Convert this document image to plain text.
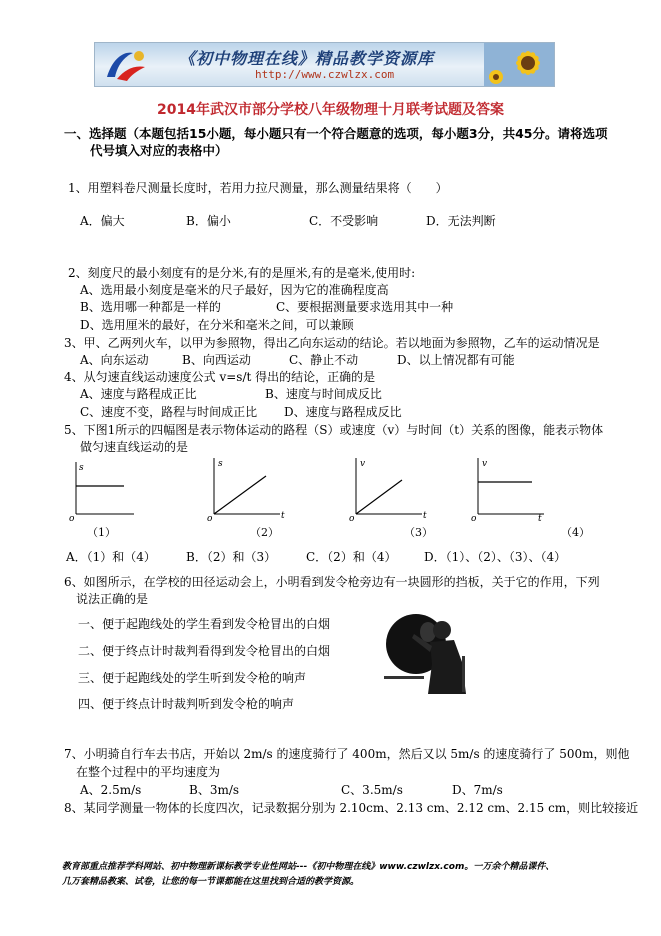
《初中物理在线》精品教学资源库
http://www.czwlzx.com
2014年武汉市部分学校八年级物理十月联考试题及答案
一、选择题（本题包括15小题，每小题只有一个符合题意的选项，每小题3分，共45分。请将选项
代号填入对应的表格中）
1、用塑料卷尺测量长度时，若用力拉尺测量，那么测量结果将（　　）
A．偏大	B．偏小	C．不受影响	D．无法判断
2、刻度尺的最小刻度有的是分米,有的是厘米,有的是毫米,使用时:
A、选用最小刻度是毫米的尺子最好，因为它的准确程度高
B、选用哪一种都是一样的	C、要根据测量要求选用其中一种
D、选用厘米的最好，在分米和毫米之间，可以兼顾
3、甲、乙两列火车，以甲为参照物，得出乙向东运动的结论。若以地面为参照物，乙车的运动情况是
A、向东运动	B、向西运动	C、静止不动	D、以上情况都有可能
4、从匀速直线运动速度公式 v=s/t 得出的结论，正确的是
A、速度与路程成正比	B、速度与时间成反比
C、速度不变，路程与时间成正比 D、速度与路程成反比
5、下图1所示的四幅图是表示物体运动的路程（S）或速度（v）与时间（t）关系的图像，能表示物体
做匀速直线运动的是
s
o
（1）
s
o	t
（2）
v
o	t
（3）
v
o	t
（4）
A．（1）和（4）	B．（2）和（3） C．（2）和（4） D．（1）、（2）、（3）、（4）
6、如图所示，在学校的田径运动会上，小明看到发令枪旁边有一块圆形的挡板，关于它的作用，下列
说法正确的是
一、便于起跑线处的学生看到发令枪冒出的白烟
二、便于终点计时裁判看得到发令枪冒出的白烟
三、便于起跑线处的学生听到发令枪的响声
四、便于终点计时裁判听到发令枪的响声
7、小明骑自行车去书店，开始以 2m/s 的速度骑行了 400m，然后又以 5m/s 的速度骑行了 500m，则他
在整个过程中的平均速度为
A、2.5m/s	B、3m/s	C、3.5m/s	D、7m/s
8、某同学测量一物体的长度四次，记录数据分别为 2.10cm、2.13 cm、2.12 cm、2.15 cm，则比较接近
教育部重点推荐学科网站、初中物理新课标教学专业性网站---《初中物理在线》www.czwlzx.com。一万余个精品课件、
几万套精品教案、试卷，让您的每一节课都能在这里找到合适的教学资源。
